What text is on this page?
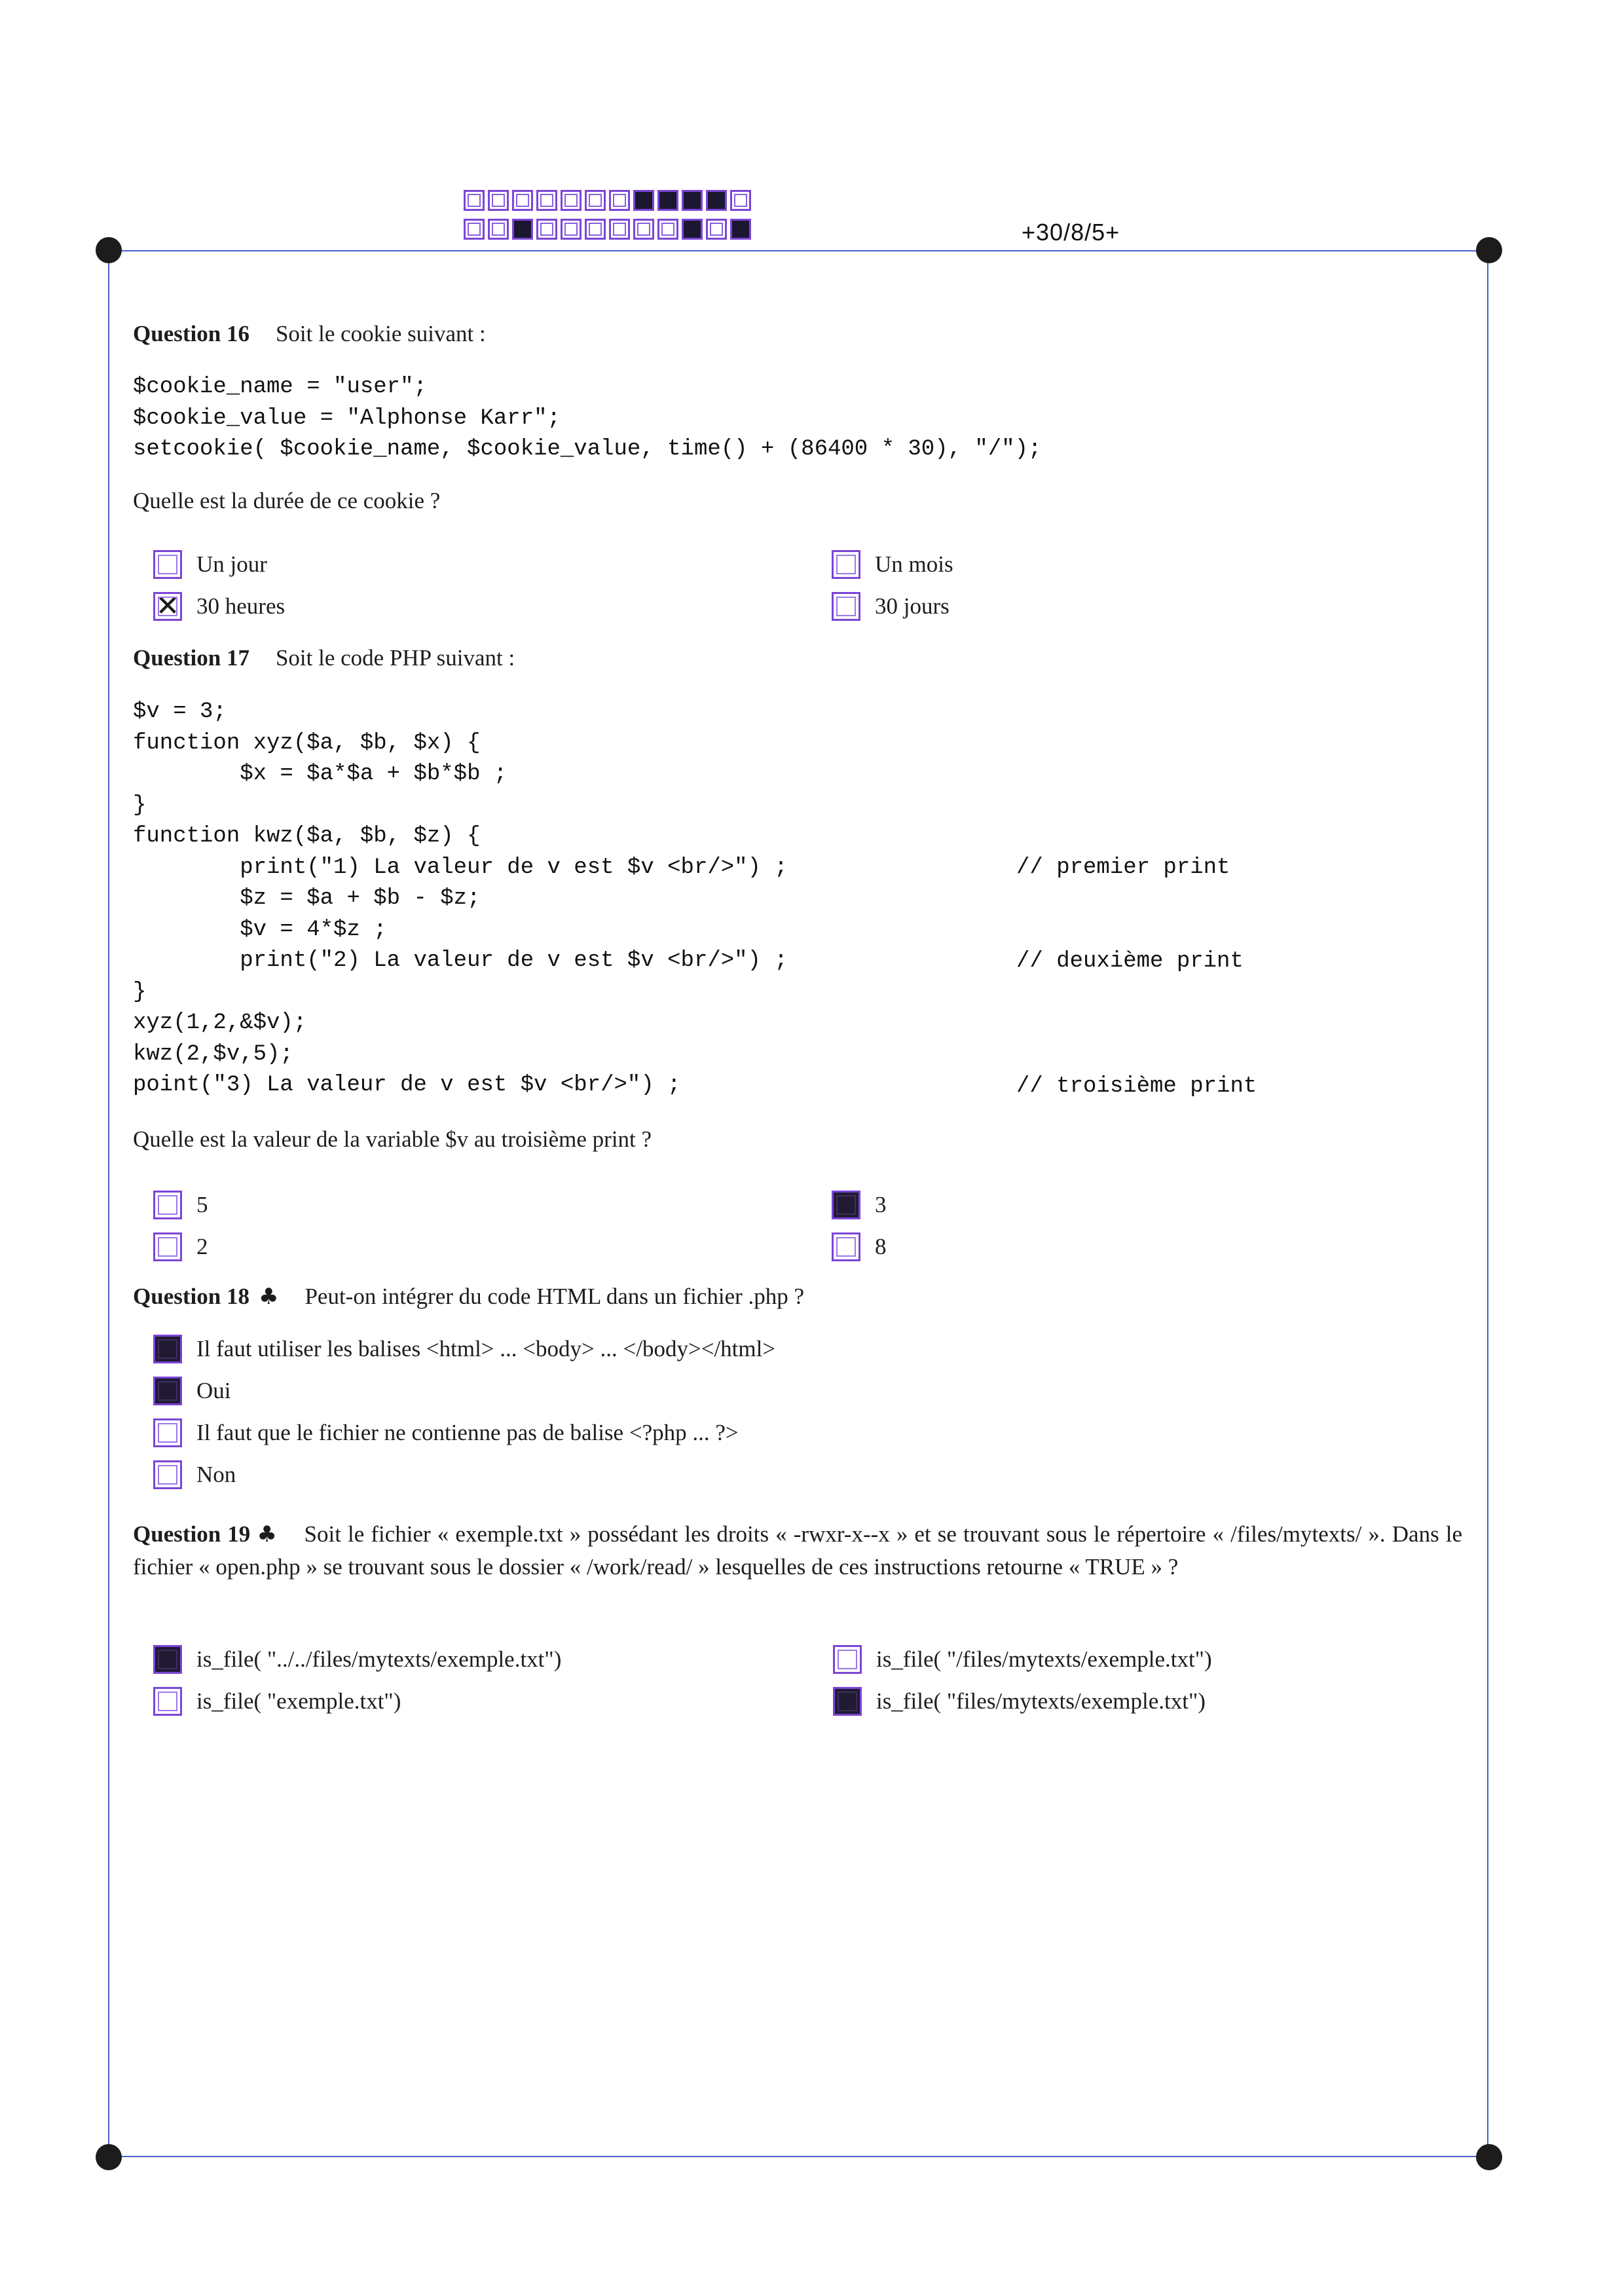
+30/8/5+
Question 16 Soit le cookie suivant :
$cookie_name = "user";
$cookie_value = "Alphonse Karr";
setcookie( $cookie_name, $cookie_value, time() + (86400 * 30), "/");
Quelle est la durée de ce cookie ?
Un jour	Un mois
✕
30 heures	30 jours
Question 17 Soit le code PHP suivant :
$v = 3;
function xyz($a, $b, $x) {
$x = $a*$a + $b*$b ;
}
function kwz($a, $b, $z) {
print("1) La valeur de v est $v <br/>") ;
$z = $a + $b - $z;
$v = 4*$z ;
print("2) La valeur de v est $v <br/>") ;
}
xyz(1,2,&$v);
kwz(2,$v,5);
point("3) La valeur de v est $v <br/>") ;
// premier print
// deuxième print
// troisième print
Quelle est la valeur de la variable $v au troisième print ?
5	3
2	8
Question 18 ♣ Peut-on intégrer du code HTML dans un fichier .php ?
Il faut utiliser les balises <html> ... <body> ... </body></html>
Oui
Il faut que le fichier ne contienne pas de balise <?php ... ?>
Non
Question 19 ♣ Soit le fichier « exemple.txt » possédant les droits « -rwxr-x--x » et se trouvant sous le répertoire « /files/mytexts/ ». Dans le fichier « open.php » se trouvant sous le dossier « /work/read/ » lesquelles de ces instructions retourne « TRUE » ?
is_file( "../../files/mytexts/exemple.txt")	is_file( "/files/mytexts/exemple.txt")
is_file( "exemple.txt")	is_file( "files/mytexts/exemple.txt")
